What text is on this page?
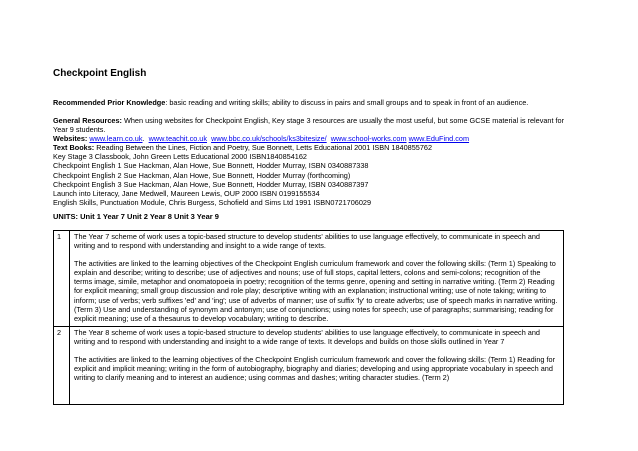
Checkpoint English
Recommended Prior Knowledge: basic reading and writing skills; ability to discuss in pairs and small groups and to speak in front of an audience.
General Resources: When using websites for Checkpoint English, Key stage 3 resources are usually the most useful, but some GCSE material is relevant for Year 9 students.
Websites: www.learn.co.uk. www.teachit.co.uk www.bbc.co.uk/schools/ks3bitesize/ www.school-works.com www.EduFind.com
Text Books: Reading Between the Lines, Fiction and Poetry, Sue Bonnett, Letts Educational 2001 ISBN 1840855762
Key Stage 3 Classbook, John Green Letts Educational 2000 ISBN1840854162
Checkpoint English 1 Sue Hackman, Alan Howe, Sue Bonnett, Hodder Murray, ISBN 0340887338
Checkpoint English 2 Sue Hackman, Alan Howe, Sue Bonnett, Hodder Murray (forthcoming)
Checkpoint English 3 Sue Hackman, Alan Howe, Sue Bonnett, Hodder Murray, ISBN 0340887397
Launch into Literacy, Jane Medwell, Maureen Lewis, OUP 2000 ISBN 0199155534
English Skills, Punctuation Module, Chris Burgess, Schofield and Sims Ltd 1991 ISBN0721706029
UNITS: Unit 1 Year 7 Unit 2 Year 8 Unit 3 Year 9
1	The Year 7 scheme of work uses a topic-based structure to develop students' abilities to use language effectively, to communicate in speech and writing and to respond with understanding and insight to a wide range of texts.
The activities are linked to the learning objectives of the Checkpoint English curriculum framework and cover the following skills: (Term 1) Speaking to explain and describe; writing to describe; use of adjectives and nouns; use of full stops, capital letters, colons and semi-colons; recognition of the terms image, simile, metaphor and onomatopoeia in poetry; recognition of the terms genre, opening and setting in narrative writing. (Term 2) Reading for explicit meaning; small group discussion and role play; descriptive writing with an explanation; instructional writing; use of note taking; writing to inform; use of verbs; verb suffixes 'ed' and 'ing'; use of adverbs of manner; use of suffix 'ly' to create adverbs; use of speech marks in narrative writing. (Term 3) Use and understanding of synonym and antonym; use of conjunctions; using notes for speech; use of paragraphs; summarising; reading for explicit meaning; use of a thesaurus to develop vocabulary; writing to describe.

2	The Year 8 scheme of work uses a topic-based structure to develop students' abilities to use language effectively, to communicate in speech and writing and to respond with understanding and insight to a wide range of texts. It develops and builds on those skills outlined in Year 7
The activities are linked to the learning objectives of the Checkpoint English curriculum framework and cover the following skills: (Term 1) Reading for explicit and implicit meaning; writing in the form of autobiography, biography and diaries; developing and using appropriate vocabulary in speech and writing to clarify meaning and to interest an audience; using commas and dashes; writing character studies. (Term 2)
